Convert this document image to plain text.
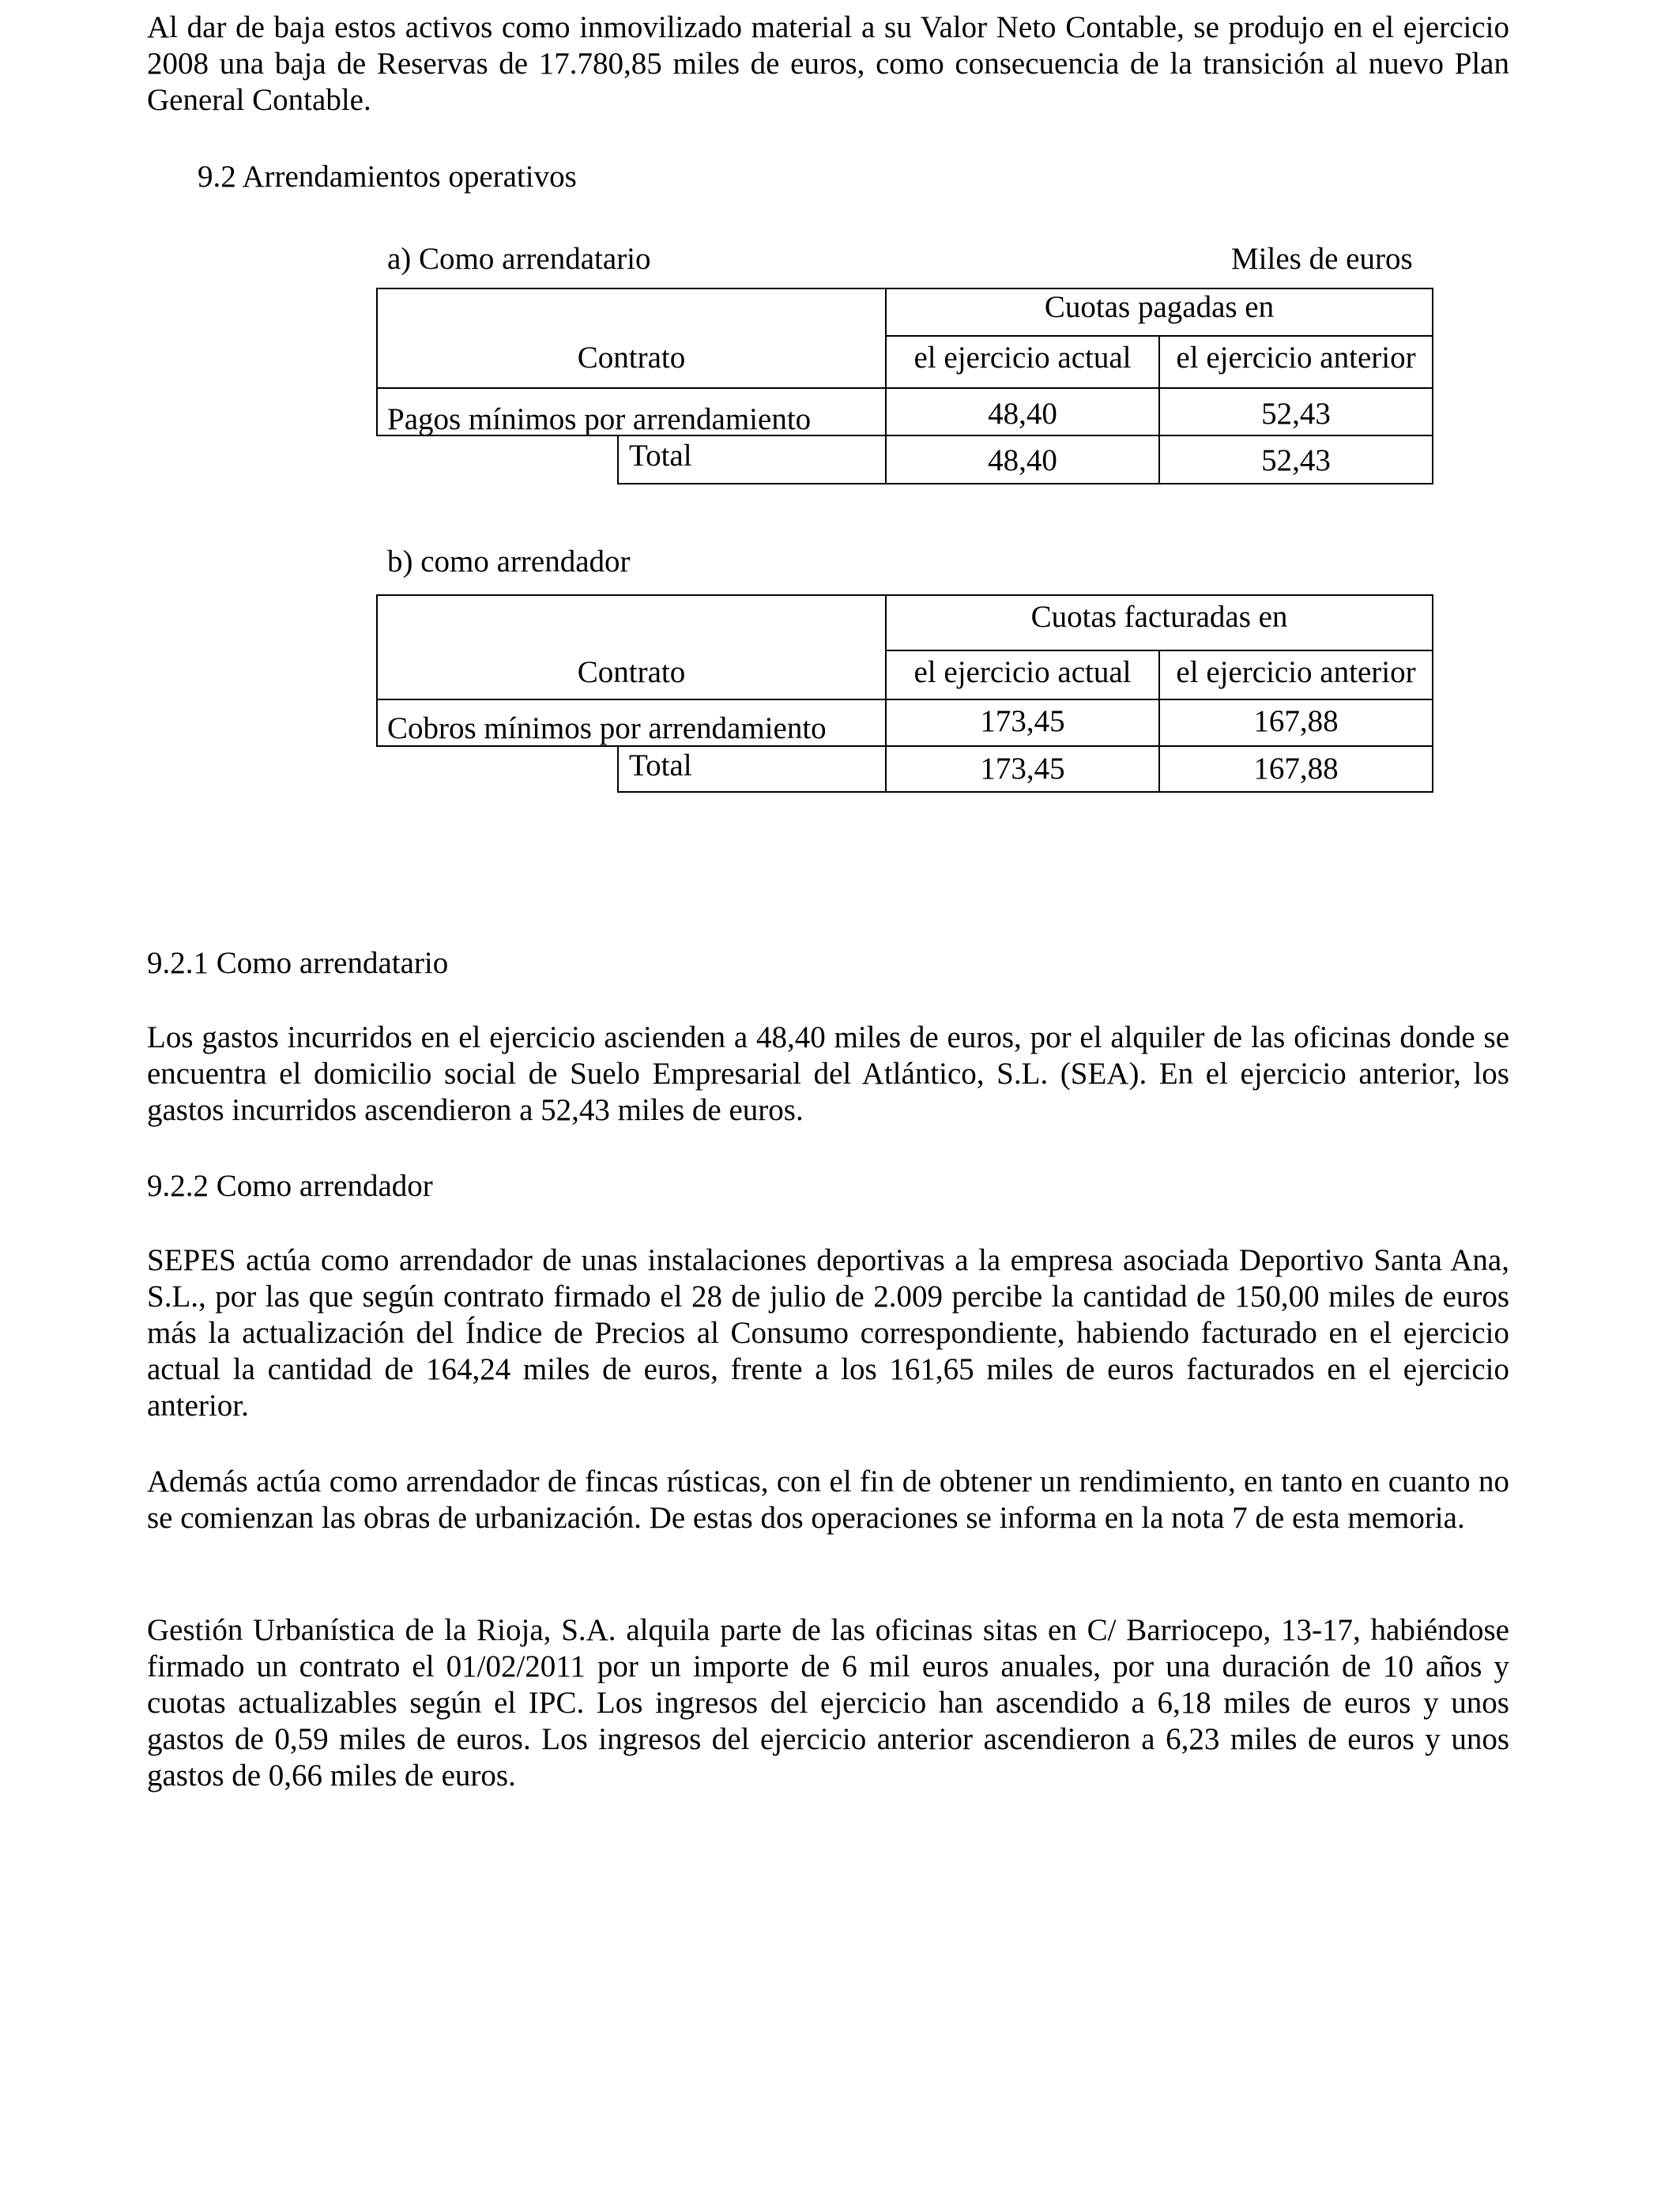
Al dar de baja estos activos como inmovilizado material a su Valor Neto Contable, se produjo en el ejercicio 2008 una baja de Reservas de 17.780,85 miles de euros, como consecuencia de la transición al nuevo Plan General Contable.

9.2 Arrendamientos operativos
a) Como arrendatario	Miles de euros
Cuotas pagadas en
Contrato	el ejercicio actual	el ejercicio anterior
Pagos mínimos por arrendamiento	48,40	52,43
Total	48,40	52,43
b) como arrendador
Cuotas facturadas en
Contrato	el ejercicio actual	el ejercicio anterior
Cobros mínimos por arrendamiento	173,45	167,88
Total	173,45	167,88
9.2.1 Como arrendatario

Los gastos incurridos en el ejercicio ascienden a 48,40 miles de euros, por el alquiler de las oficinas donde se encuentra el domicilio social de Suelo Empresarial del Atlántico, S.L. (SEA). En el ejercicio anterior, los gastos incurridos ascendieron a 52,43 miles de euros.

9.2.2 Como arrendador

SEPES actúa como arrendador de unas instalaciones deportivas a la empresa asociada Deportivo Santa Ana, S.L., por las que según contrato firmado el 28 de julio de 2.009 percibe la cantidad de 150,00 miles de euros más la actualización del Índice de Precios al Consumo correspondiente, habiendo facturado en el ejercicio actual la cantidad de 164,24 miles de euros, frente a los 161,65 miles de euros facturados en el ejercicio anterior.

Además actúa como arrendador de fincas rústicas, con el fin de obtener un rendimiento, en tanto en cuanto no se comienzan las obras de urbanización. De estas dos operaciones se informa en la nota 7 de esta memoria.

Gestión Urbanística de la Rioja, S.A. alquila parte de las oficinas sitas en C/ Barriocepo, 13-17, habiéndose firmado un contrato el 01/02/2011 por un importe de 6 mil euros anuales, por una duración de 10 años y cuotas actualizables según el IPC. Los ingresos del ejercicio han ascendido a 6,18 miles de euros y unos gastos de 0,59 miles de euros. Los ingresos del ejercicio anterior ascendieron a 6,23 miles de euros y unos gastos de 0,66 miles de euros.
